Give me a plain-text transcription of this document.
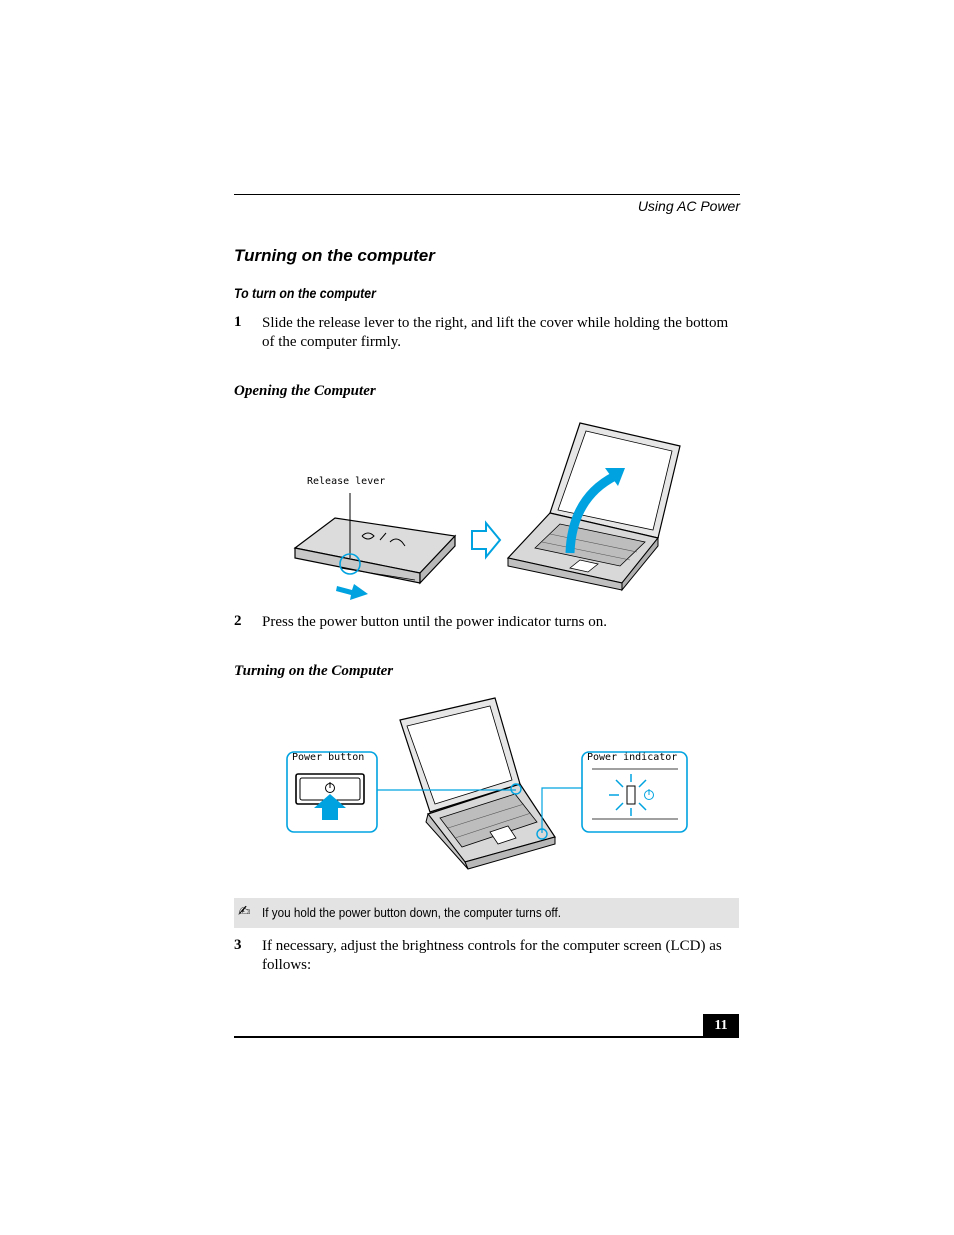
Using AC Power
Turning on the computer
To turn on the computer
1 Slide the release lever to the right, and lift the cover while holding the bottom of the computer firmly.
Opening the Computer
Release lever
2 Press the power button until the power indicator turns on.
Turning on the Computer
Power button	Power indicator
✍ If you hold the power button down, the computer turns off.
3 If necessary, adjust the brightness controls for the computer screen (LCD) as follows:
11
